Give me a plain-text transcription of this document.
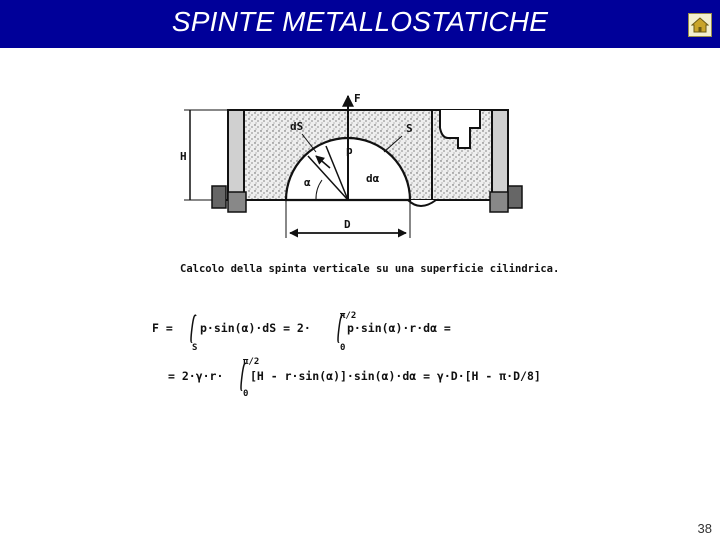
SPINTE METALLOSTATICHE
F
H
α
p
dS	S
dα
D
Calcolo della spinta verticale su una superficie cilindrica.
F =
S
p·sin(α)·dS = 2·
π/2
0
p·sin(α)·r·dα =
= 2·γ·r·
π/2
0
[H - r·sin(α)]·sin(α)·dα = γ·D·[H - π·D/8]
38
